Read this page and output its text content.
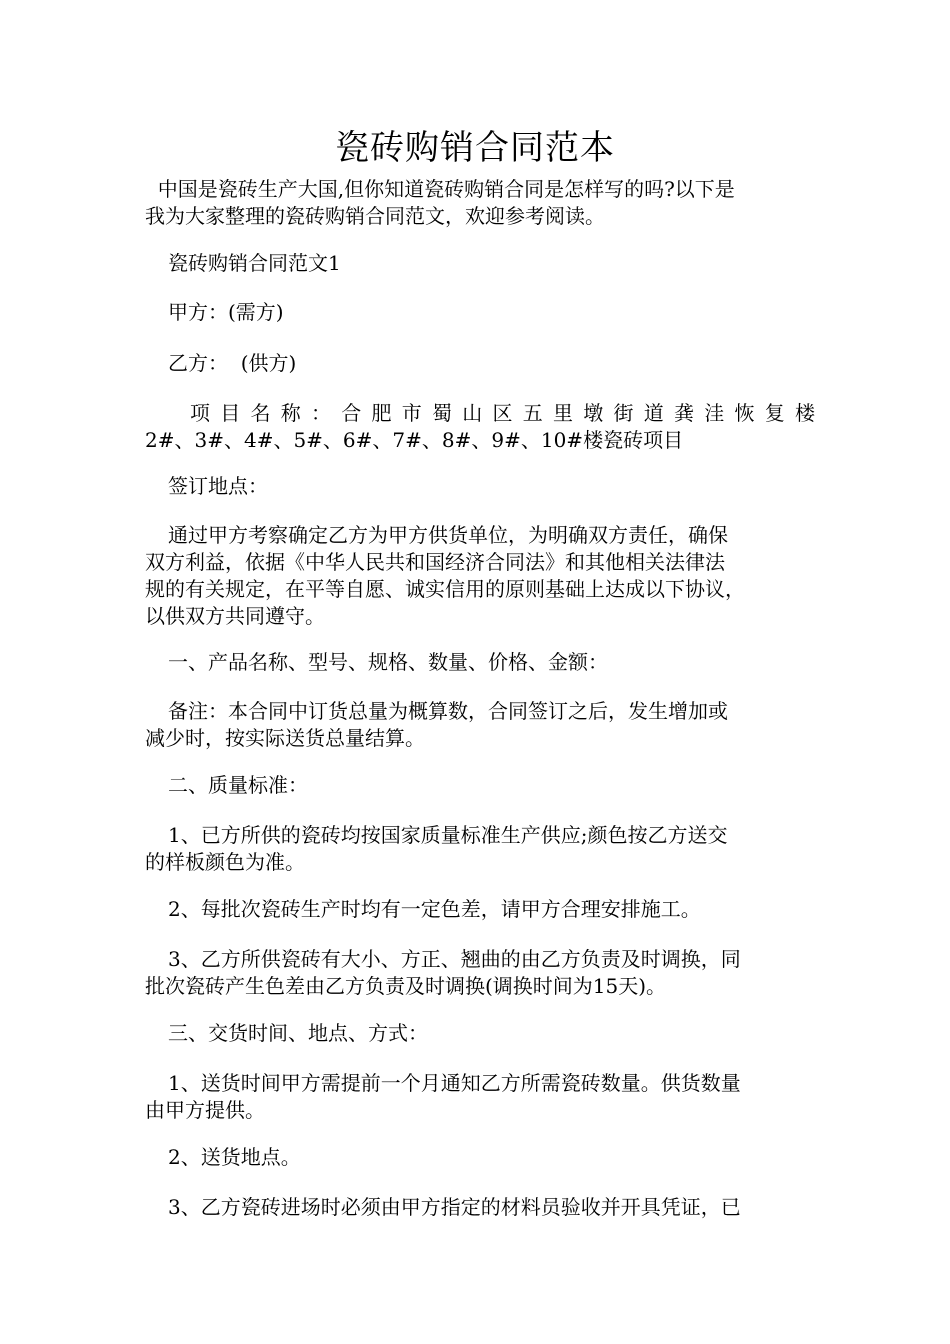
瓷砖购销合同范本
中国是瓷砖生产大国,但你知道瓷砖购销合同是怎样写的吗?以下是
我为大家整理的瓷砖购销合同范文，欢迎参考阅读。
瓷砖购销合同范文1
甲方：(需方)
乙方：  (供方)
项 目 名 称 ： 合 肥 市 蜀 山 区 五 里 墩 街 道 龚 洼 恢 复 楼
2#、3#、4#、5#、6#、7#、8#、9#、10#楼瓷砖项目
签订地点：
通过甲方考察确定乙方为甲方供货单位，为明确双方责任，确保
双方利益，依据《中华人民共和国经济合同法》和其他相关法律法
规的有关规定，在平等自愿、诚实信用的原则基础上达成以下协议，
以供双方共同遵守。
一、产品名称、型号、规格、数量、价格、金额：
备注：本合同中订货总量为概算数，合同签订之后，发生增加或
减少时，按实际送货总量结算。
二、质量标准：
1、已方所供的瓷砖均按国家质量标准生产供应;颜色按乙方送交
的样板颜色为准。
2、每批次瓷砖生产时均有一定色差，请甲方合理安排施工。
3、乙方所供瓷砖有大小、方正、翘曲的由乙方负责及时调换，同
批次瓷砖产生色差由乙方负责及时调换(调换时间为15天)。
三、交货时间、地点、方式：
1、送货时间甲方需提前一个月通知乙方所需瓷砖数量。供货数量
由甲方提供。
2、送货地点。
3、乙方瓷砖进场时必须由甲方指定的材料员验收并开具凭证，已
